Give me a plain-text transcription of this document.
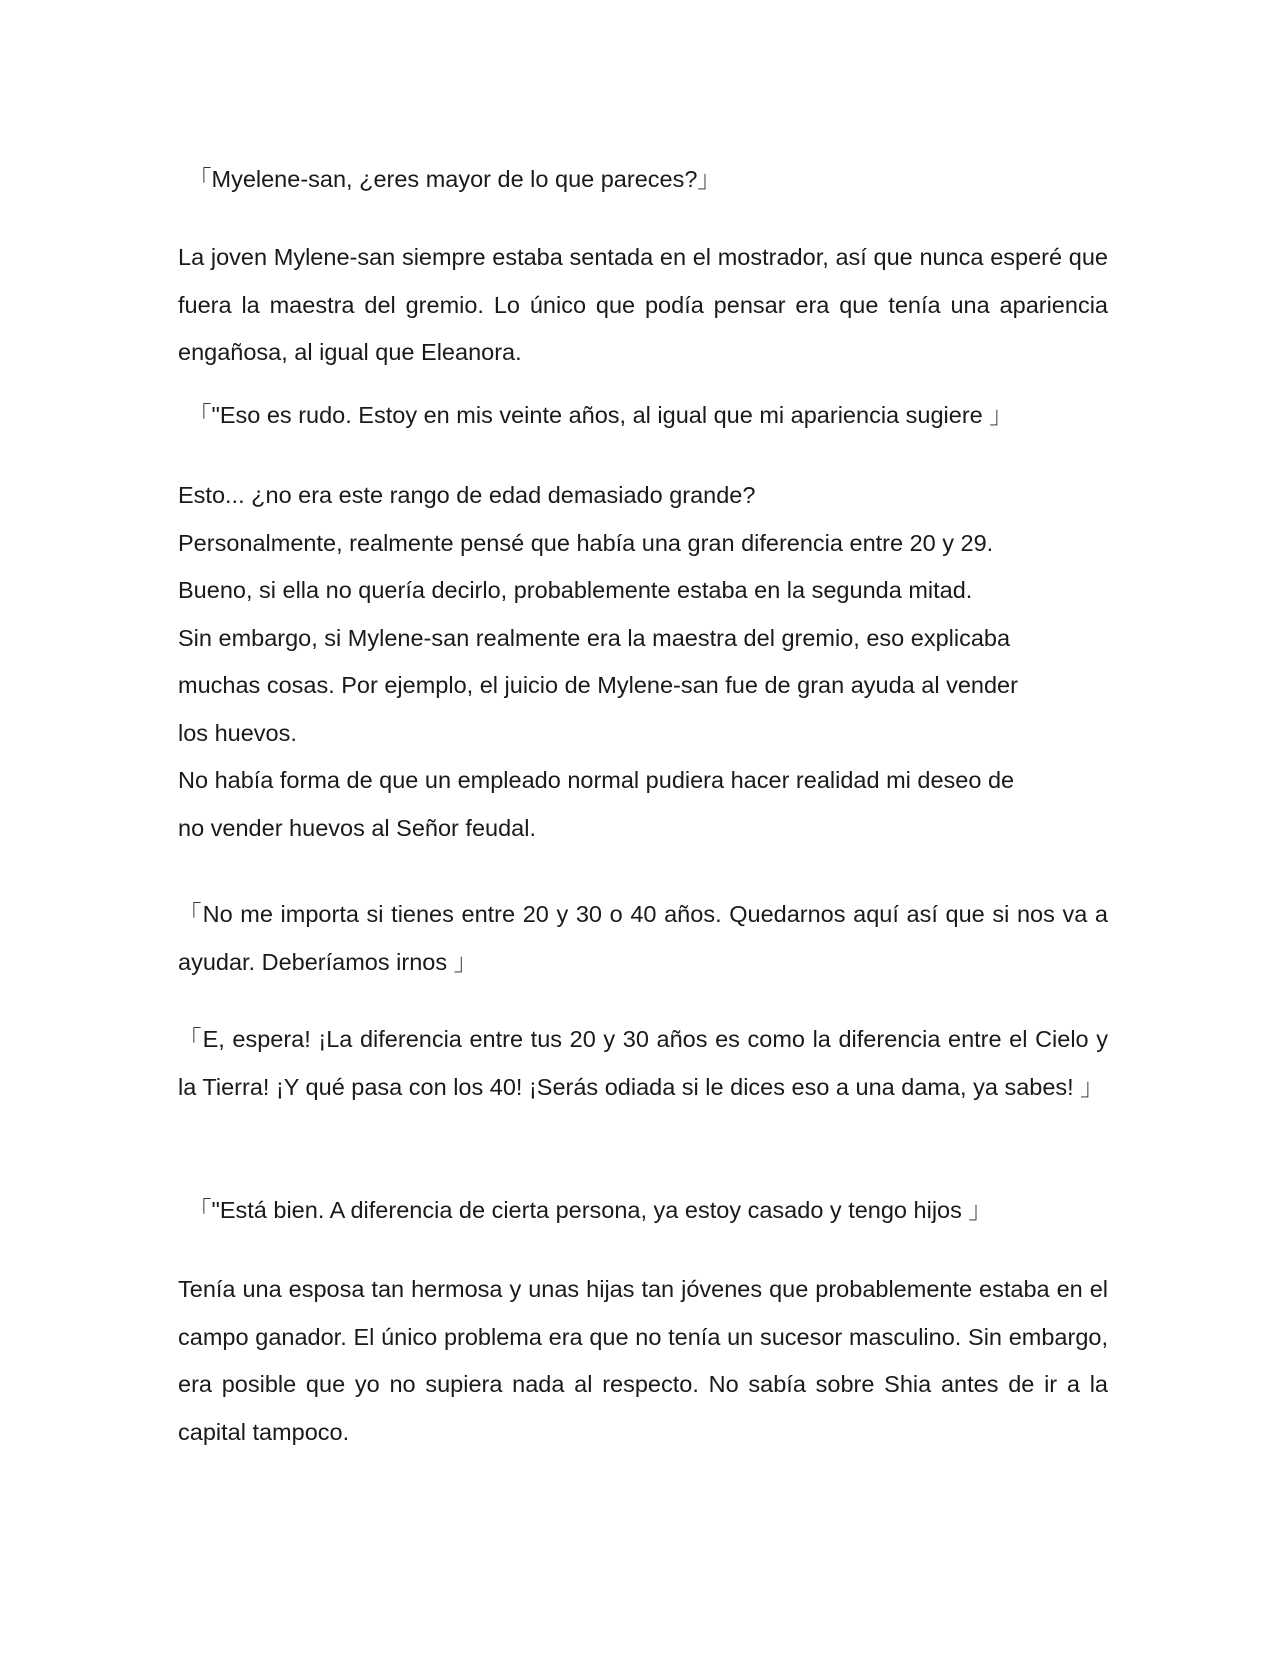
「Myelene-san, ¿eres mayor de lo que pareces?」

La joven Mylene-san siempre estaba sentada en el mostrador, así que nunca esperé que fuera la maestra del gremio. Lo único que podía pensar era que tenía una apariencia engañosa, al igual que Eleanora.

「"Eso es rudo. Estoy en mis veinte años, al igual que mi apariencia sugiere 」

Esto... ¿no era este rango de edad demasiado grande?
Personalmente, realmente pensé que había una gran diferencia entre 20 y 29.
Bueno, si ella no quería decirlo, probablemente estaba en la segunda mitad.
Sin embargo, si Mylene-san realmente era la maestra del gremio, eso explicaba
muchas cosas. Por ejemplo, el juicio de Mylene-san fue de gran ayuda al vender
los huevos.
No había forma de que un empleado normal pudiera hacer realidad mi deseo de
no vender huevos al Señor feudal.

「No me importa si tienes entre 20 y 30 o 40 años. Quedarnos aquí así que si nos va a ayudar. Deberíamos irnos 」

「E, espera! ¡La diferencia entre tus 20 y 30 años es como la diferencia entre el Cielo y la Tierra! ¡Y qué pasa con los 40! ¡Serás odiada si le dices eso a una dama, ya sabes! 」

「"Está bien. A diferencia de cierta persona, ya estoy casado y tengo hijos 」

Tenía una esposa tan hermosa y unas hijas tan jóvenes que probablemente estaba en el campo ganador. El único problema era que no tenía un sucesor masculino. Sin embargo, era posible que yo no supiera nada al respecto. No sabía sobre Shia antes de ir a la capital tampoco.
